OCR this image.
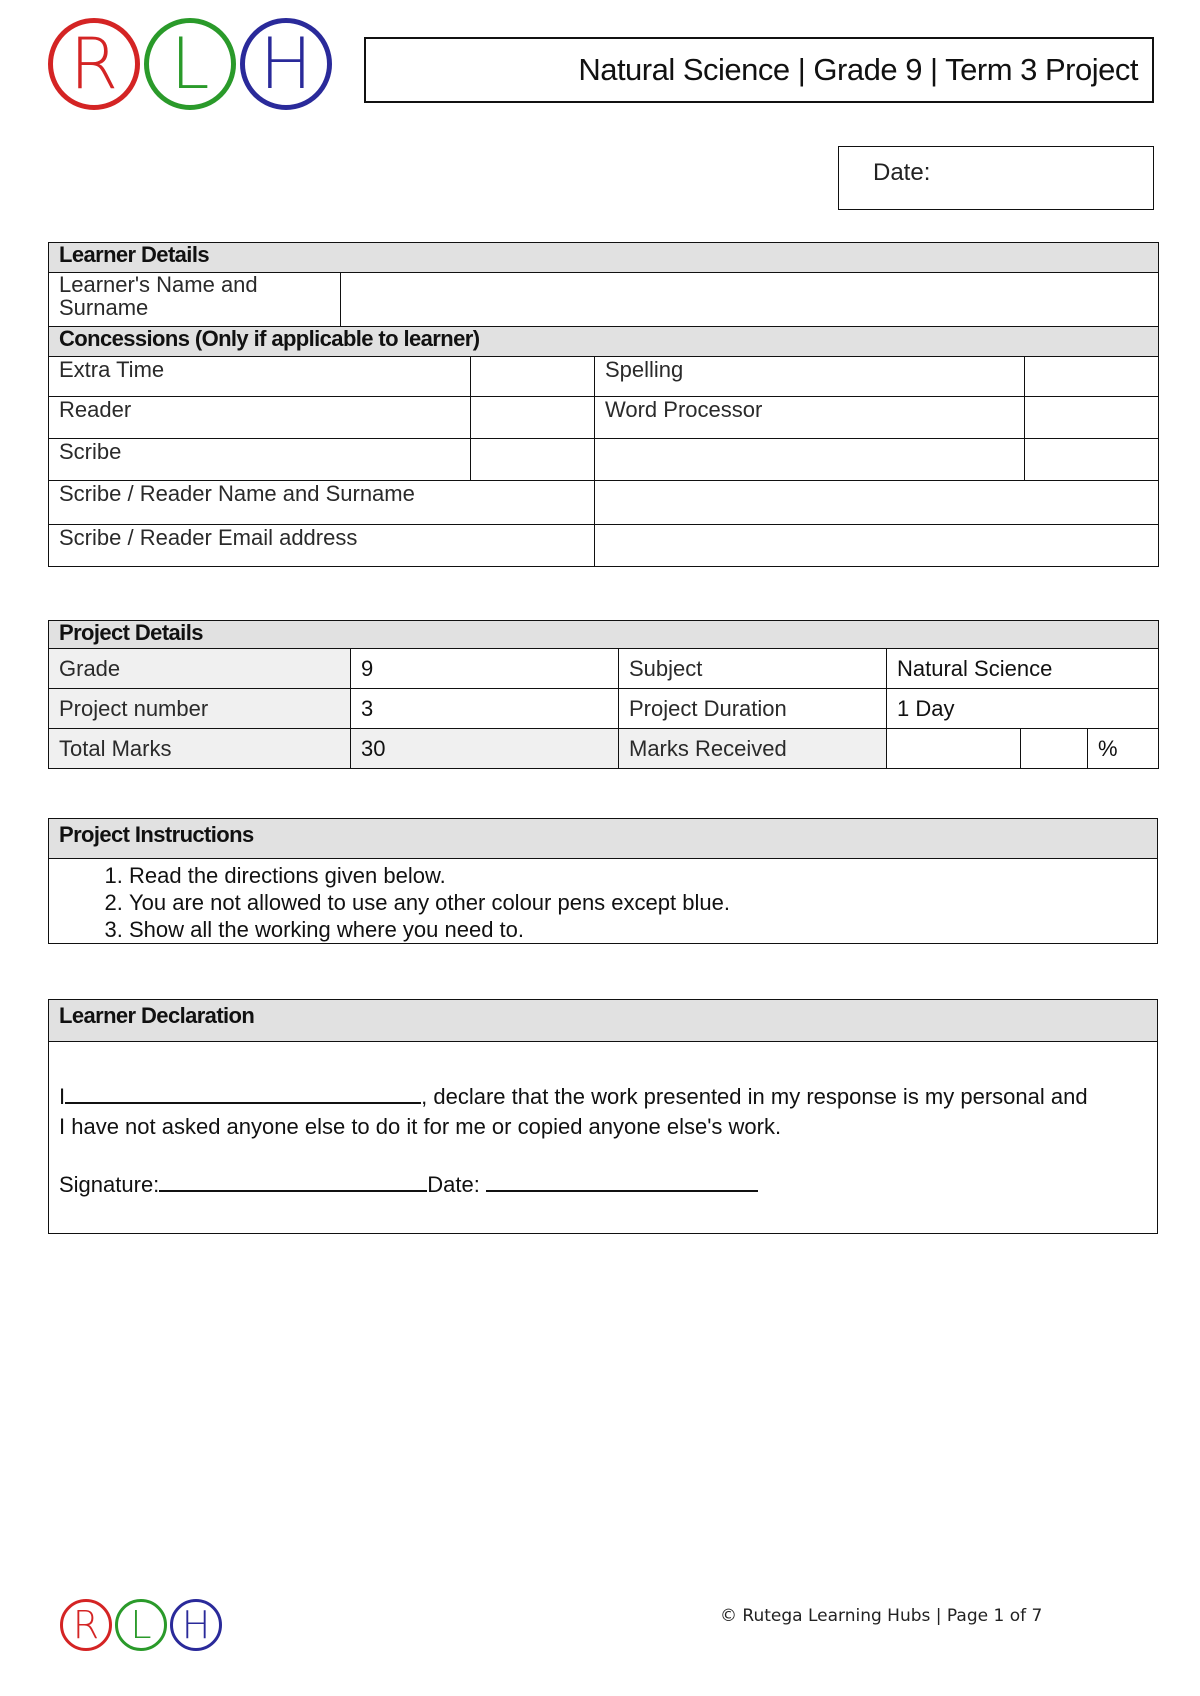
R L H	Natural Science | Grade 9 | Term 3 Project
Date:
Learner Details				
Learner's Name and Surname				
Concessions (Only if applicable to learner)				
Extra Time			Spelling	
Reader			Word Processor	
Scribe				
Scribe / Reader Name and Surname				
Scribe / Reader Email address				
Project Details					
Grade	9	Subject	Natural Science		
Project number	3	Project Duration	1 Day		
Total Marks	30	Marks Received			%
Project Instructions

1. Read the directions given below.
2. You are not allowed to use any other colour pens except blue.
3. Show all the working where you need to.
Learner Declaration

I	, declare that the work presented in my response is my personal and I have not asked anyone else to do it for me or copied anyone else's work.
Signature:	Date:
R L H	© Rutega Learning Hubs | Page 1 of 7
